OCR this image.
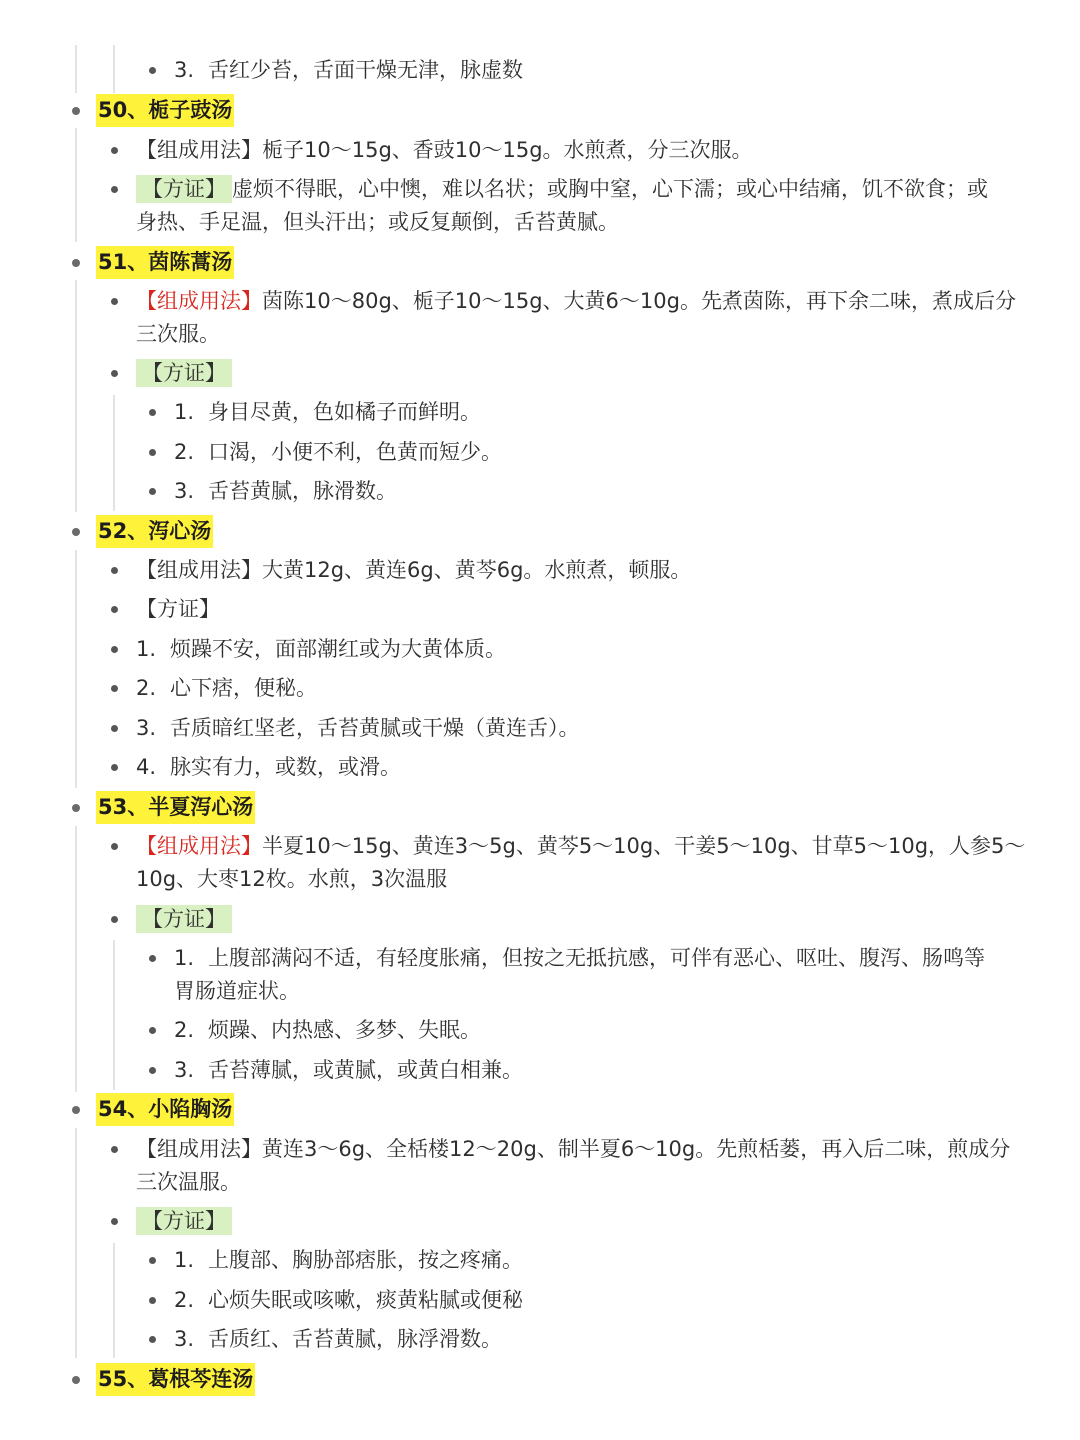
3. 舌红少苔，舌面干燥无津，脉虚数
50、栀子豉汤
【组成用法】栀子10～15g、香豉10～15g。水煎煮，分三次服。
【方证】 虚烦不得眠，心中懊，难以名状；或胸中窒，心下濡；或心中结痛，饥不欲食；或
身热、手足温，但头汗出；或反复颠倒，舌苔黄腻。
51、茵陈蒿汤
【组成用法】茵陈10～80g、栀子10～15g、大黄6～10g。先煮茵陈，再下余二味，煮成后分
三次服。
【方证】
1. 身目尽黄，色如橘子而鲜明。
2. 口渴，小便不利，色黄而短少。
3. 舌苔黄腻，脉滑数。
52、泻心汤
【组成用法】大黄12g、黄连6g、黄芩6g。水煎煮，顿服。
【方证】
1. 烦躁不安，面部潮红或为大黄体质。
2. 心下痞，便秘。
3. 舌质暗红坚老，舌苔黄腻或干燥（黄连舌）。
4. 脉实有力，或数，或滑。
53、半夏泻心汤
【组成用法】半夏10～15g、黄连3～5g、黄芩5～10g、干姜5～10g、甘草5～10g，人参5～
10g、大枣12枚。水煎，3次温服
【方证】
1. 上腹部满闷不适，有轻度胀痛，但按之无抵抗感，可伴有恶心、呕吐、腹泻、肠鸣等
胃肠道症状。
2. 烦躁、内热感、多梦、失眠。
3. 舌苔薄腻，或黄腻，或黄白相兼。
54、小陷胸汤
【组成用法】黄连3～6g、全栝楼12～20g、制半夏6～10g。先煎栝蒌，再入后二味，煎成分
三次温服。
【方证】
1. 上腹部、胸胁部痞胀，按之疼痛。
2. 心烦失眠或咳嗽，痰黄粘腻或便秘
3. 舌质红、舌苔黄腻，脉浮滑数。
55、葛根芩连汤
